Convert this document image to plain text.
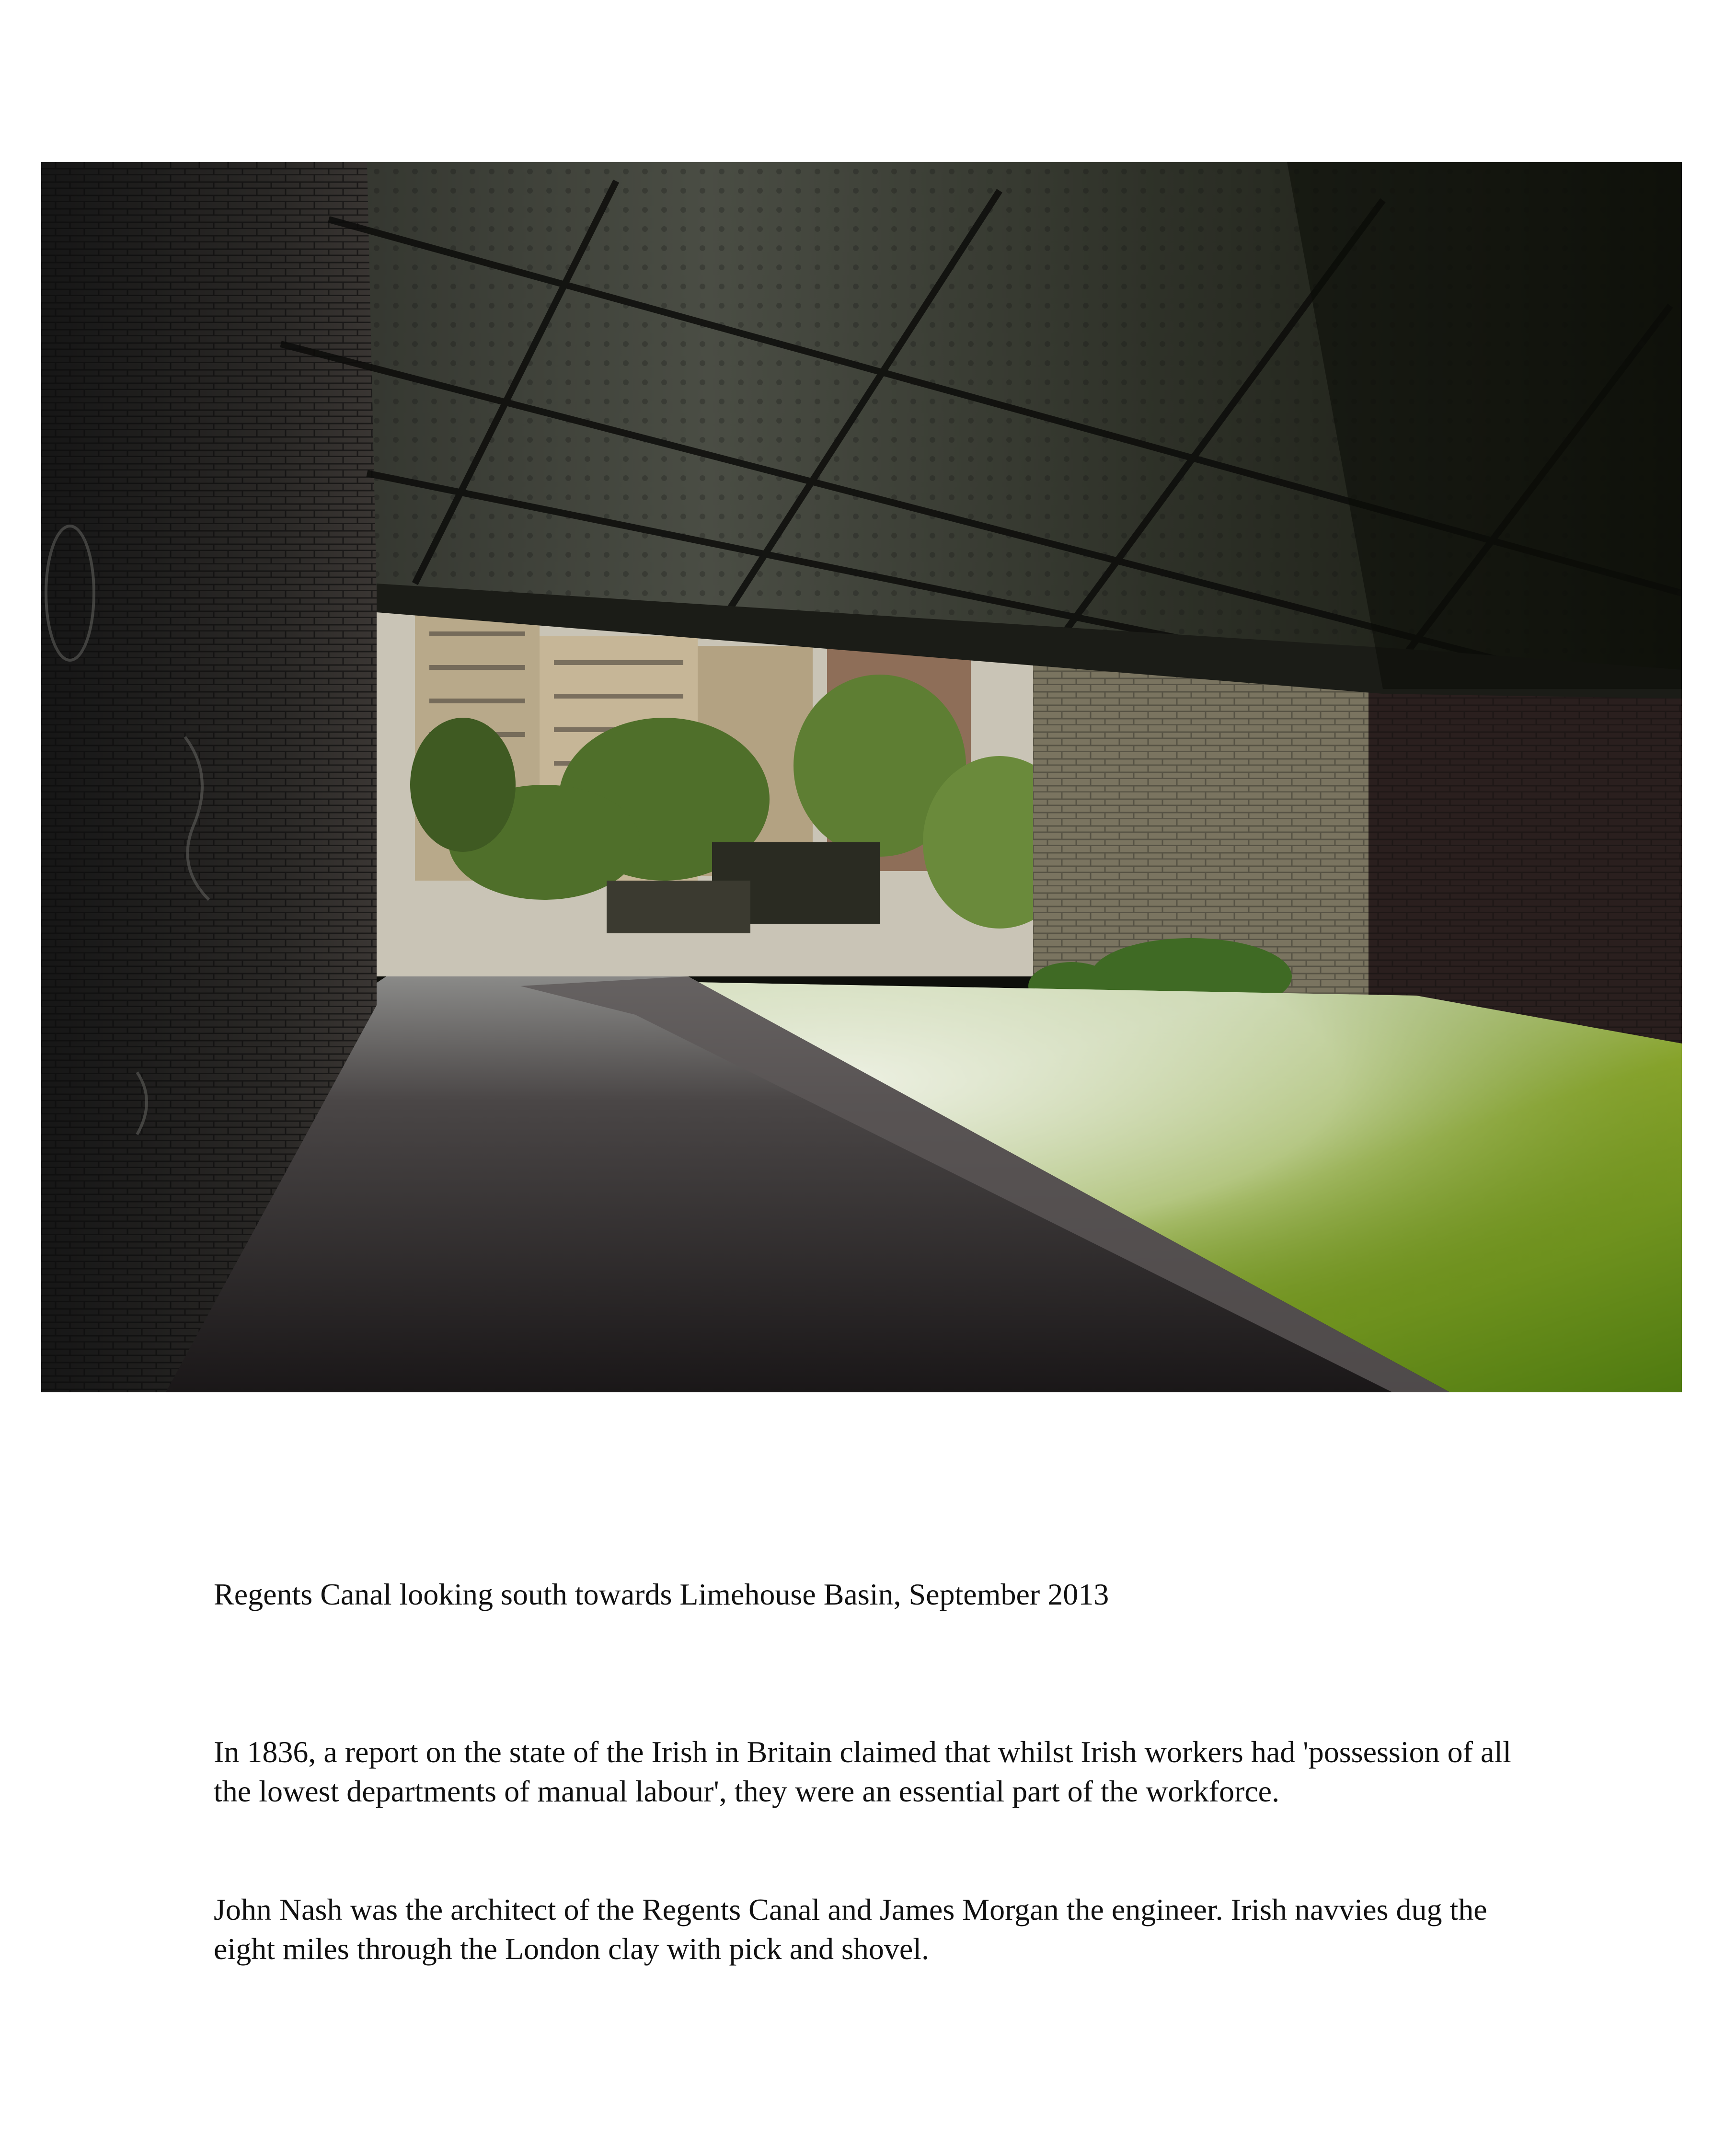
Regents Canal looking south towards Limehouse Basin, September 2013

In 1836, a report on the state of the Irish in Britain claimed that whilst Irish workers had 'possession of all the lowest departments of manual labour', they were an essential part of the workforce.

John Nash was the architect of the Regents Canal and James Morgan the engineer. Irish navvies dug the eight miles through the London clay with pick and shovel.
